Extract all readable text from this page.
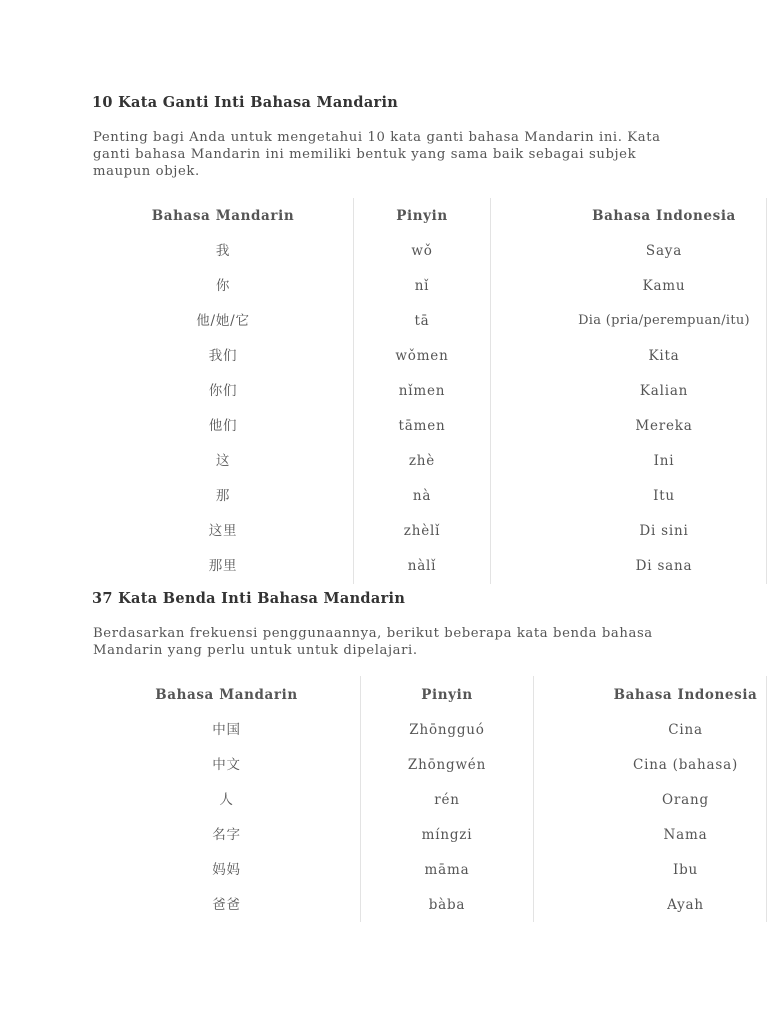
10 Kata Ganti Inti Bahasa Mandarin
Penting bagi Anda untuk mengetahui 10 kata ganti bahasa Mandarin ini. Kata
ganti bahasa Mandarin ini memiliki bentuk yang sama baik sebagai subjek
maupun objek.
Bahasa Mandarin	Pinyin	Bahasa Indonesia
我	wǒ	Saya
你	nǐ	Kamu
他/她/它	tā	Dia (pria/perempuan/itu)
我们	wǒmen	Kita
你们	nǐmen	Kalian
他们	tāmen	Mereka
这	zhè	Ini
那	nà	Itu
这里	zhèlǐ	Di sini
那里	nàlǐ	Di sana
37 Kata Benda Inti Bahasa Mandarin
Berdasarkan frekuensi penggunaannya, berikut beberapa kata benda bahasa
Mandarin yang perlu untuk untuk dipelajari.
Bahasa Mandarin	Pinyin	Bahasa Indonesia
中国	Zhōngguó	Cina
中文	Zhōngwén	Cina (bahasa)
人	rén	Orang
名字	míngzi	Nama
妈妈	māma	Ibu
爸爸	bàba	Ayah
